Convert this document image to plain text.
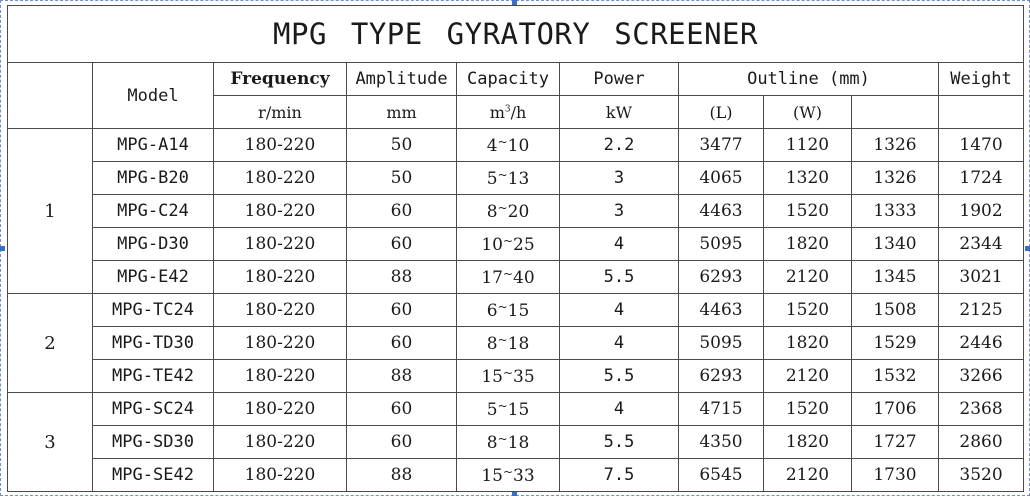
MPG TYPE GYRATORY SCREENER									
	Model	Frequency	Amplitude	Capacity	Power	Outline (mm)			Weight
		r/min	mm	$m^3/h$	kW	(L)	(W)		
1	MPG-A14	180-220	50	4~10	2.2	3477	1120	1326	1470
	MPG-B20	180-220	50	5~13	3	4065	1320	1326	1724
	MPG-C24	180-220	60	8~20	3	4463	1520	1333	1902
	MPG-D30	180-220	60	10~25	4	5095	1820	1340	2344
	MPG-E42	180-220	88	17~40	5.5	6293	2120	1345	3021
2	MPG-TC24	180-220	60	6~15	4	4463	1520	1508	2125
	MPG-TD30	180-220	60	8~18	4	5095	1820	1529	2446
	MPG-TE42	180-220	88	15~35	5.5	6293	2120	1532	3266
3	MPG-SC24	180-220	60	5~15	4	4715	1520	1706	2368
	MPG-SD30	180-220	60	8~18	5.5	4350	1820	1727	2860
	MPG-SE42	180-220	88	15~33	7.5	6545	2120	1730	3520
